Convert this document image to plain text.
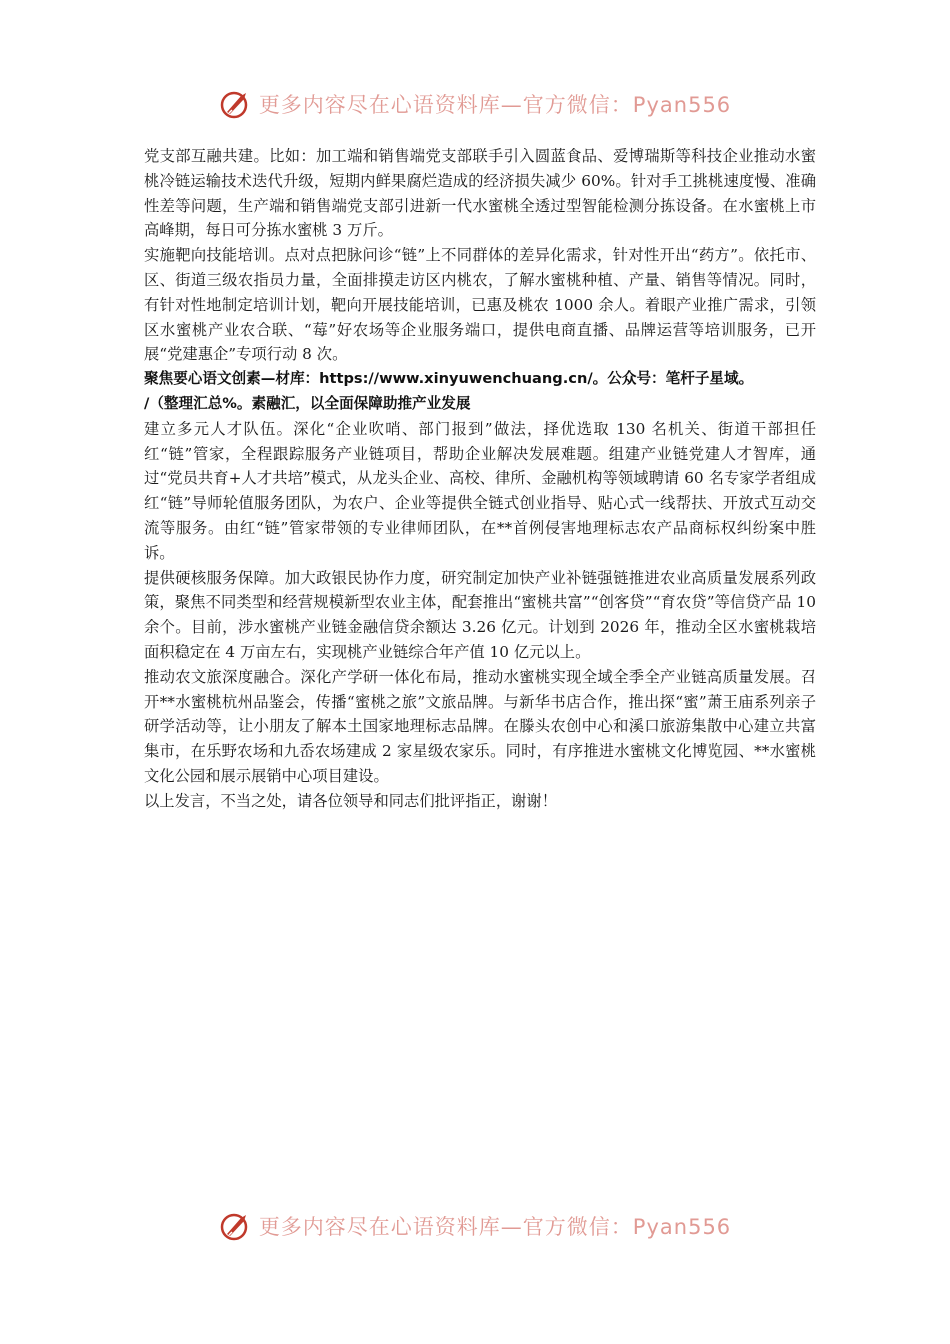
更多内容尽在心语资料库—官方微信：Pyan556

党支部互融共建。比如：加工端和销售端党支部联手引入圆蓝食品、爱博瑞斯等科技企业推动水蜜桃冷链运输技术迭代升级，短期内鲜果腐烂造成的经济损失减少 60%。针对手工挑桃速度慢、准确性差等问题，生产端和销售端党支部引进新一代水蜜桃全透过型智能检测分拣设备。在水蜜桃上市高峰期，每日可分拣水蜜桃 3 万斤。

实施靶向技能培训。点对点把脉问诊“链”上不同群体的差异化需求，针对性开出“药方”。依托市、区、街道三级农指员力量，全面排摸走访区内桃农，了解水蜜桃种植、产量、销售等情况。同时，有针对性地制定培训计划，靶向开展技能培训，已惠及桃农 1000 余人。着眼产业推广需求，引领区水蜜桃产业农合联、“莓”好农场等企业服务端口，提供电商直播、品牌运营等培训服务，已开展“党建惠企”专项行动 8 次。

聚焦要心语文创素—材库：https://www.xinyuwenchuang.cn/。公众号：笔杆子星域。

/（整理汇总%。素融汇，以全面保障助推产业发展

建立多元人才队伍。深化“企业吹哨、部门报到”做法，择优选取 130 名机关、街道干部担任红“链”管家，全程跟踪服务产业链项目，帮助企业解决发展难题。组建产业链党建人才智库，通过“党员共育+人才共培”模式，从龙头企业、高校、律所、金融机构等领域聘请 60 名专家学者组成红“链”导师轮值服务团队，为农户、企业等提供全链式创业指导、贴心式一线帮扶、开放式互动交流等服务。由红“链”管家带领的专业律师团队，在**首例侵害地理标志农产品商标权纠纷案中胜诉。

提供硬核服务保障。加大政银民协作力度，研究制定加快产业补链强链推进农业高质量发展系列政策，聚焦不同类型和经营规模新型农业主体，配套推出“蜜桃共富”“创客贷”“育农贷”等信贷产品 10 余个。目前，涉水蜜桃产业链金融信贷余额达 3.26 亿元。计划到 2026 年，推动全区水蜜桃栽培面积稳定在 4 万亩左右，实现桃产业链综合年产值 10 亿元以上。

推动农文旅深度融合。深化产学研一体化布局，推动水蜜桃实现全域全季全产业链高质量发展。召开**水蜜桃杭州品鉴会，传播“蜜桃之旅”文旅品牌。与新华书店合作，推出探“蜜”萧王庙系列亲子研学活动等，让小朋友了解本土国家地理标志品牌。在滕头农创中心和溪口旅游集散中心建立共富集市，在乐野农场和九岙农场建成 2 家星级农家乐。同时，有序推进水蜜桃文化博览园、**水蜜桃文化公园和展示展销中心项目建设。

以上发言，不当之处，请各位领导和同志们批评指正，谢谢！

更多内容尽在心语资料库—官方微信：Pyan556
